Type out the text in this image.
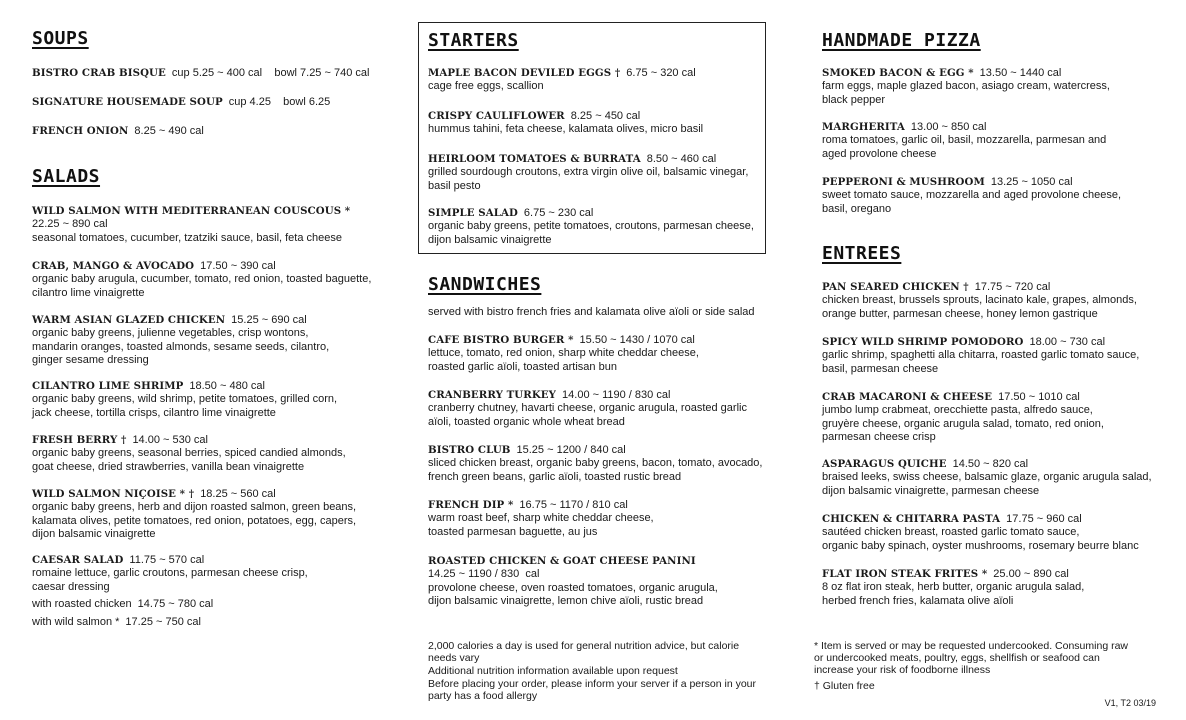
SOUPS
BISTRO CRAB BISQUE cup 5.25 ~ 400 cal    bowl 7.25 ~ 740 cal
SIGNATURE HOUSEMADE SOUP cup 4.25    bowl 6.25
FRENCH ONION 8.25 ~ 490 cal
SALADS
WILD SALMON WITH MEDITERRANEAN COUSCOUS *
22.25 ~ 890 cal
seasonal tomatoes, cucumber, tzatziki sauce, basil, feta cheese
CRAB, MANGO & AVOCADO 17.50 ~ 390 cal
organic baby arugula, cucumber, tomato, red onion, toasted baguette,
cilantro lime vinaigrette
WARM ASIAN GLAZED CHICKEN 15.25 ~ 690 cal
organic baby greens, julienne vegetables, crisp wontons,
mandarin oranges, toasted almonds, sesame seeds, cilantro,
ginger sesame dressing
CILANTRO LIME SHRIMP 18.50 ~ 480 cal
organic baby greens, wild shrimp, petite tomatoes, grilled corn,
jack cheese, tortilla crisps, cilantro lime vinaigrette
FRESH BERRY † 14.00 ~ 530 cal
organic baby greens, seasonal berries, spiced candied almonds,
goat cheese, dried strawberries, vanilla bean vinaigrette
WILD SALMON NIÇOISE * † 18.25 ~ 560 cal
organic baby greens, herb and dijon roasted salmon, green beans,
kalamata olives, petite tomatoes, red onion, potatoes, egg, capers,
dijon balsamic vinaigrette
CAESAR SALAD 11.75 ~ 570 cal
romaine lettuce, garlic croutons, parmesan cheese crisp,
caesar dressing
with roasted chicken 14.75 ~ 780 cal
with wild salmon * 17.25 ~ 750 cal
STARTERS
MAPLE BACON DEVILED EGGS † 6.75 ~ 320 cal
cage free eggs, scallion
CRISPY CAULIFLOWER 8.25 ~ 450 cal
hummus tahini, feta cheese, kalamata olives, micro basil
HEIRLOOM TOMATOES & BURRATA 8.50 ~ 460 cal
grilled sourdough croutons, extra virgin olive oil, balsamic vinegar,
basil pesto
SIMPLE SALAD 6.75 ~ 230 cal
organic baby greens, petite tomatoes, croutons, parmesan cheese,
dijon balsamic vinaigrette
SANDWICHES
served with bistro french fries and kalamata olive aïoli or side salad
CAFE BISTRO BURGER * 15.50 ~ 1430 / 1070 cal
lettuce, tomato, red onion, sharp white cheddar cheese,
roasted garlic aïoli, toasted artisan bun
CRANBERRY TURKEY 14.00 ~ 1190 / 830 cal
cranberry chutney, havarti cheese, organic arugula, roasted garlic
aïoli, toasted organic whole wheat bread
BISTRO CLUB 15.25 ~ 1200 / 840 cal
sliced chicken breast, organic baby greens, bacon, tomato, avocado,
french green beans, garlic aïoli, toasted rustic bread
FRENCH DIP * 16.75 ~ 1170 / 810 cal
warm roast beef, sharp white cheddar cheese,
toasted parmesan baguette, au jus
ROASTED CHICKEN & GOAT CHEESE PANINI
14.25 ~ 1190 / 830  cal
provolone cheese, oven roasted tomatoes, organic arugula,
dijon balsamic vinaigrette, lemon chive aïoli, rustic bread
2,000 calories a day is used for general nutrition advice, but calorie needs vary
Additional nutrition information available upon request
Before placing your order, please inform your server if a person in your party has a food allergy
HANDMADE PIZZA
SMOKED BACON & EGG * 13.50 ~ 1440 cal
farm eggs, maple glazed bacon, asiago cream, watercress,
black pepper
MARGHERITA 13.00 ~ 850 cal
roma tomatoes, garlic oil, basil, mozzarella, parmesan and
aged provolone cheese
PEPPERONI & MUSHROOM 13.25 ~ 1050 cal
sweet tomato sauce, mozzarella and aged provolone cheese,
basil, oregano
ENTREES
PAN SEARED CHICKEN † 17.75 ~ 720 cal
chicken breast, brussels sprouts, lacinato kale, grapes, almonds,
orange butter, parmesan cheese, honey lemon gastrique
SPICY WILD SHRIMP POMODORO 18.00 ~ 730 cal
garlic shrimp, spaghetti alla chitarra, roasted garlic tomato sauce,
basil, parmesan cheese
CRAB MACARONI & CHEESE 17.50 ~ 1010 cal
jumbo lump crabmeat, orecchiette pasta, alfredo sauce,
gruyère cheese, organic arugula salad, tomato, red onion,
parmesan cheese crisp
ASPARAGUS QUICHE 14.50 ~ 820 cal
braised leeks, swiss cheese, balsamic glaze, organic arugula salad,
dijon balsamic vinaigrette, parmesan cheese
CHICKEN & CHITARRA PASTA 17.75 ~ 960 cal
sautéed chicken breast, roasted garlic tomato sauce,
organic baby spinach, oyster mushrooms, rosemary beurre blanc
FLAT IRON STEAK FRITES * 25.00 ~ 890 cal
8 oz flat iron steak, herb butter, organic arugula salad,
herbed french fries, kalamata olive aïoli
* Item is served or may be requested undercooked. Consuming raw or undercooked meats, poultry, eggs, shellfish or seafood can increase your risk of foodborne illness
† Gluten free
V1, T2 03/19
